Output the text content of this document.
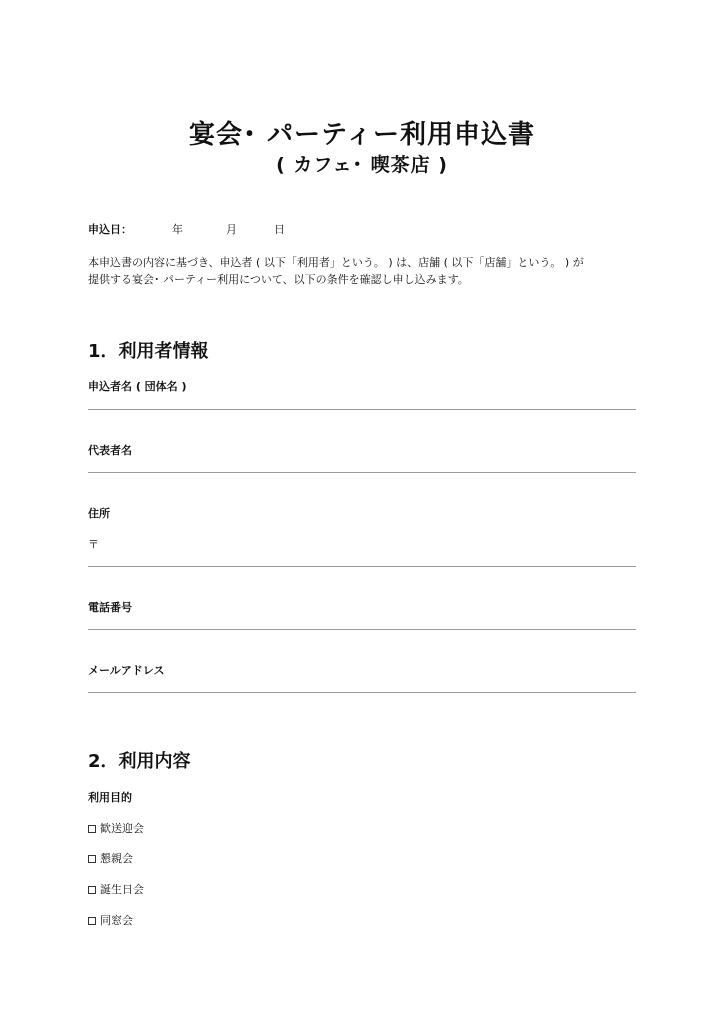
宴会･ パーティー利用申込書
( カフェ･ 喫茶店 )
申込日：	年	月	日
本申込書の内容に基づき、申込者 ( 以下「利用者」という。 ) は、店舗 ( 以下「店舗」という。 ) が
提供する宴会･ パーティー利用について、以下の条件を確認し申し込みます。
1．利用者情報
申込者名 ( 団体名 )
代表者名
住所
〒
電話番号
メールアドレス
2．利用内容
利用目的
歓送迎会
懇親会
誕生日会
同窓会
